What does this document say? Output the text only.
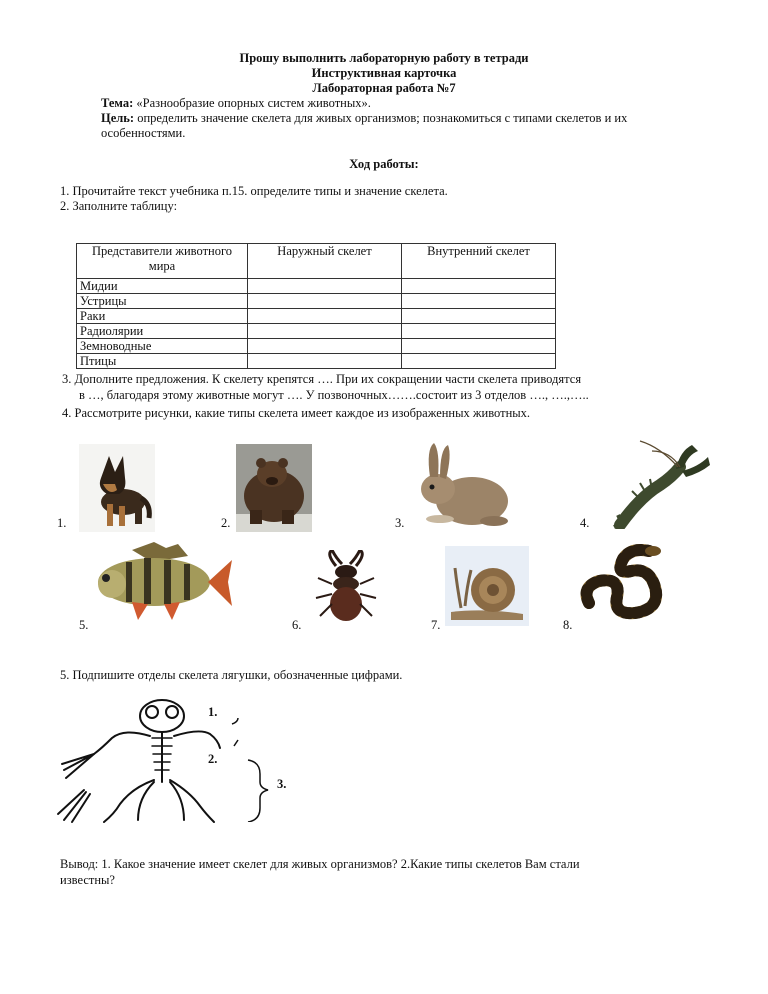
Прошу выполнить лабораторную работу в тетради
Инструктивная карточка
Лабораторная работа №7
Тема: «Разнообразие опорных систем животных».
Цель: определить значение скелета для живых организмов; познакомиться с типами скелетов и их
особенностями.
Ход работы:
1. Прочитайте текст учебника п.15. определите типы и значение скелета.
2. Заполните таблицу:
Представители животного мира	Наружный скелет	Внутренний скелет
Мидии		
Устрицы		
Раки		
Радиолярии		
Земноводные		
Птицы		
3. Дополните предложения. К скелету крепятся …. При их сокращении части скелета приводятся
в …, благодаря этому животные могут …. У позвоночных…….состоит из 3 отделов …., ….,…..
4. Рассмотрите рисунки, какие типы скелета имеет каждое из изображенных животных.
1.	2.	3.	4.
5.	6.	7.	8.
5. Подпишите отделы скелета лягушки, обозначенные цифрами.
1.
2.
3.
Вывод: 1. Какое значение имеет скелет для живых организмов? 2.Какие типы скелетов Вам стали
известны?
